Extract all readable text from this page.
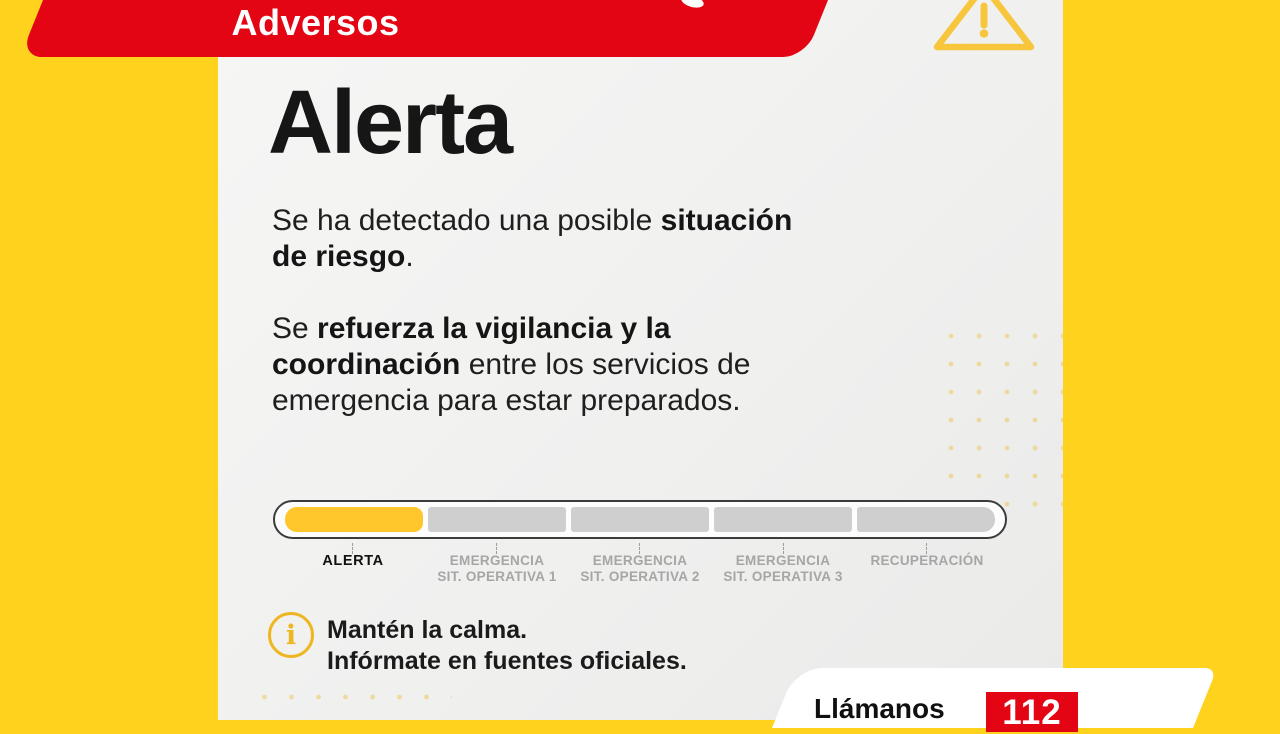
Adversos
Alerta
Se ha detectado una posible situación de riesgo.
Se refuerza la vigilancia y la coordinación entre los servicios de emergencia para estar preparados.
ALERTA	EMERGENCIA
SIT. OPERATIVA 1
EMERGENCIA
SIT. OPERATIVA 2
EMERGENCIA
SIT. OPERATIVA 3
RECUPERACIÓN
i	Mantén la calma.
Infórmate en fuentes oficiales.
Llámanos	112
